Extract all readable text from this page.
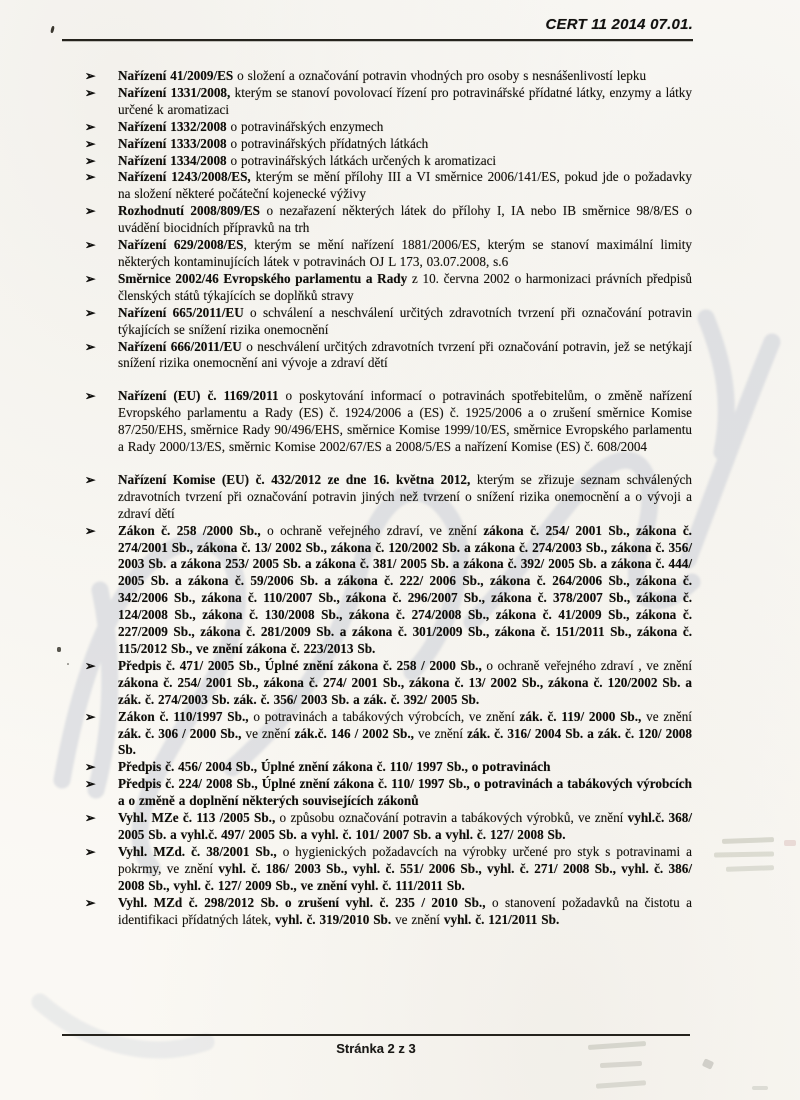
CERT 11 2014 07.01.
➢	Nařízení 41/2009/ES o složení a označování potravin vhodných pro osoby s nesnášenlivostí lepku
➢	Nařízení 1331/2008, kterým se stanoví povolovací řízení pro potravinářské přídatné látky, enzymy a látky určené k aromatizaci
➢	Nařízení 1332/2008 o potravinářských enzymech
➢	Nařízení 1333/2008 o potravinářských přídatných látkách
➢	Nařízení 1334/2008 o potravinářských látkách určených k aromatizaci
➢	Nařízení 1243/2008/ES, kterým se mění přílohy III a VI směrnice 2006/141/ES, pokud jde o požadavky na složení některé počáteční kojenecké výživy
➢	Rozhodnutí 2008/809/ES o nezařazení některých látek do přílohy I, IA nebo IB směrnice 98/8/ES o uvádění biocidních přípravků na trh
➢	Nařízení 629/2008/ES, kterým se mění nařízení 1881/2006/ES, kterým se stanoví maximální limity některých kontaminujících látek v potravinách OJ L 173, 03.07.2008, s.6
➢	Směrnice 2002/46 Evropského parlamentu a Rady z 10. června 2002 o harmonizaci právních předpisů členských států týkajících se doplňků stravy
➢	Nařízení 665/2011/EU o schválení a neschválení určitých zdravotních tvrzení při označování potravin týkajících se snížení rizika onemocnění
➢	Nařízení 666/2011/EU o neschválení určitých zdravotních tvrzení při označování potravin, jež se netýkají snížení rizika onemocnění ani vývoje a zdraví dětí
➢	Nařízení (EU) č. 1169/2011 o poskytování informací o potravinách spotřebitelům, o změně nařízení Evropského parlamentu a Rady (ES) č. 1924/2006 a (ES) č. 1925/2006 a o zrušení směrnice Komise 87/250/EHS, směrnice Rady 90/496/EHS, směrnice Komise 1999/10/ES, směrnice Evropského parlamentu a Rady 2000/13/ES, směrnic Komise 2002/67/ES a 2008/5/ES a nařízení Komise (ES) č. 608/2004
➢	Nařízení Komise (EU) č. 432/2012 ze dne 16. května 2012, kterým se zřizuje seznam schválených zdravotních tvrzení při označování potravin jiných než tvrzení o snížení rizika onemocnění a o vývoji a zdraví dětí
➢	Zákon č. 258 /2000 Sb., o ochraně veřejného zdraví, ve znění zákona č. 254/ 2001 Sb., zákona č. 274/2001 Sb., zákona č. 13/ 2002 Sb., zákona č. 120/2002 Sb. a zákona č. 274/2003 Sb., zákona č. 356/ 2003 Sb. a zákona 253/ 2005 Sb. a zákona č. 381/ 2005 Sb. a zákona č. 392/ 2005 Sb. a zákona č. 444/ 2005 Sb. a zákona č. 59/2006 Sb. a zákona č. 222/ 2006 Sb., zákona č. 264/2006 Sb., zákona č. 342/2006 Sb., zákona č. 110/2007 Sb., zákona č. 296/2007 Sb., zákona č. 378/2007 Sb., zákona č. 124/2008 Sb., zákona č. 130/2008 Sb., zákona č. 274/2008 Sb., zákona č. 41/2009 Sb., zákona č. 227/2009 Sb., zákona č. 281/2009 Sb. a zákona č. 301/2009 Sb., zákona č. 151/2011 Sb., zákona č. 115/2012 Sb., ve znění zákona č. 223/2013 Sb.
➢	Předpis č. 471/ 2005 Sb., Úplné znění zákona č. 258 / 2000 Sb., o ochraně veřejného zdraví , ve znění zákona č. 254/ 2001 Sb., zákona č. 274/ 2001 Sb., zákona č. 13/ 2002 Sb., zákona č. 120/2002 Sb. a zák. č. 274/2003 Sb. zák. č. 356/ 2003 Sb. a zák. č. 392/ 2005 Sb.
➢	Zákon č. 110/1997 Sb., o potravinách a tabákových výrobcích, ve znění zák. č. 119/ 2000 Sb., ve znění zák. č. 306 / 2000 Sb., ve znění zák.č. 146 / 2002 Sb., ve znění zák. č. 316/ 2004 Sb. a zák. č. 120/ 2008 Sb.
➢	Předpis č. 456/ 2004 Sb., Úplné znění zákona č. 110/ 1997 Sb., o potravinách
➢	Předpis č. 224/ 2008 Sb., Úplné znění zákona č. 110/ 1997 Sb., o potravinách a tabákových výrobcích a o změně a doplnění některých souvisejících zákonů
➢	Vyhl. MZe č. 113 /2005 Sb., o způsobu označování potravin a tabákových výrobků, ve znění vyhl.č. 368/ 2005 Sb. a vyhl.č. 497/ 2005 Sb. a vyhl. č. 101/ 2007 Sb. a vyhl. č. 127/ 2008 Sb.
➢	Vyhl. MZd. č. 38/2001 Sb., o hygienických požadavcích na výrobky určené pro styk s potravinami a pokrmy, ve znění vyhl. č. 186/ 2003 Sb., vyhl. č. 551/ 2006 Sb., vyhl. č. 271/ 2008 Sb., vyhl. č. 386/ 2008 Sb., vyhl. č. 127/ 2009 Sb., ve znění vyhl. č. 111/2011 Sb.
➢	Vyhl. MZd č. 298/2012 Sb. o zrušení vyhl. č. 235 / 2010 Sb., o stanovení požadavků na čistotu a identifikaci přídatných látek, vyhl. č. 319/2010 Sb. ve znění vyhl. č. 121/2011 Sb.
Stránka 2 z 3
